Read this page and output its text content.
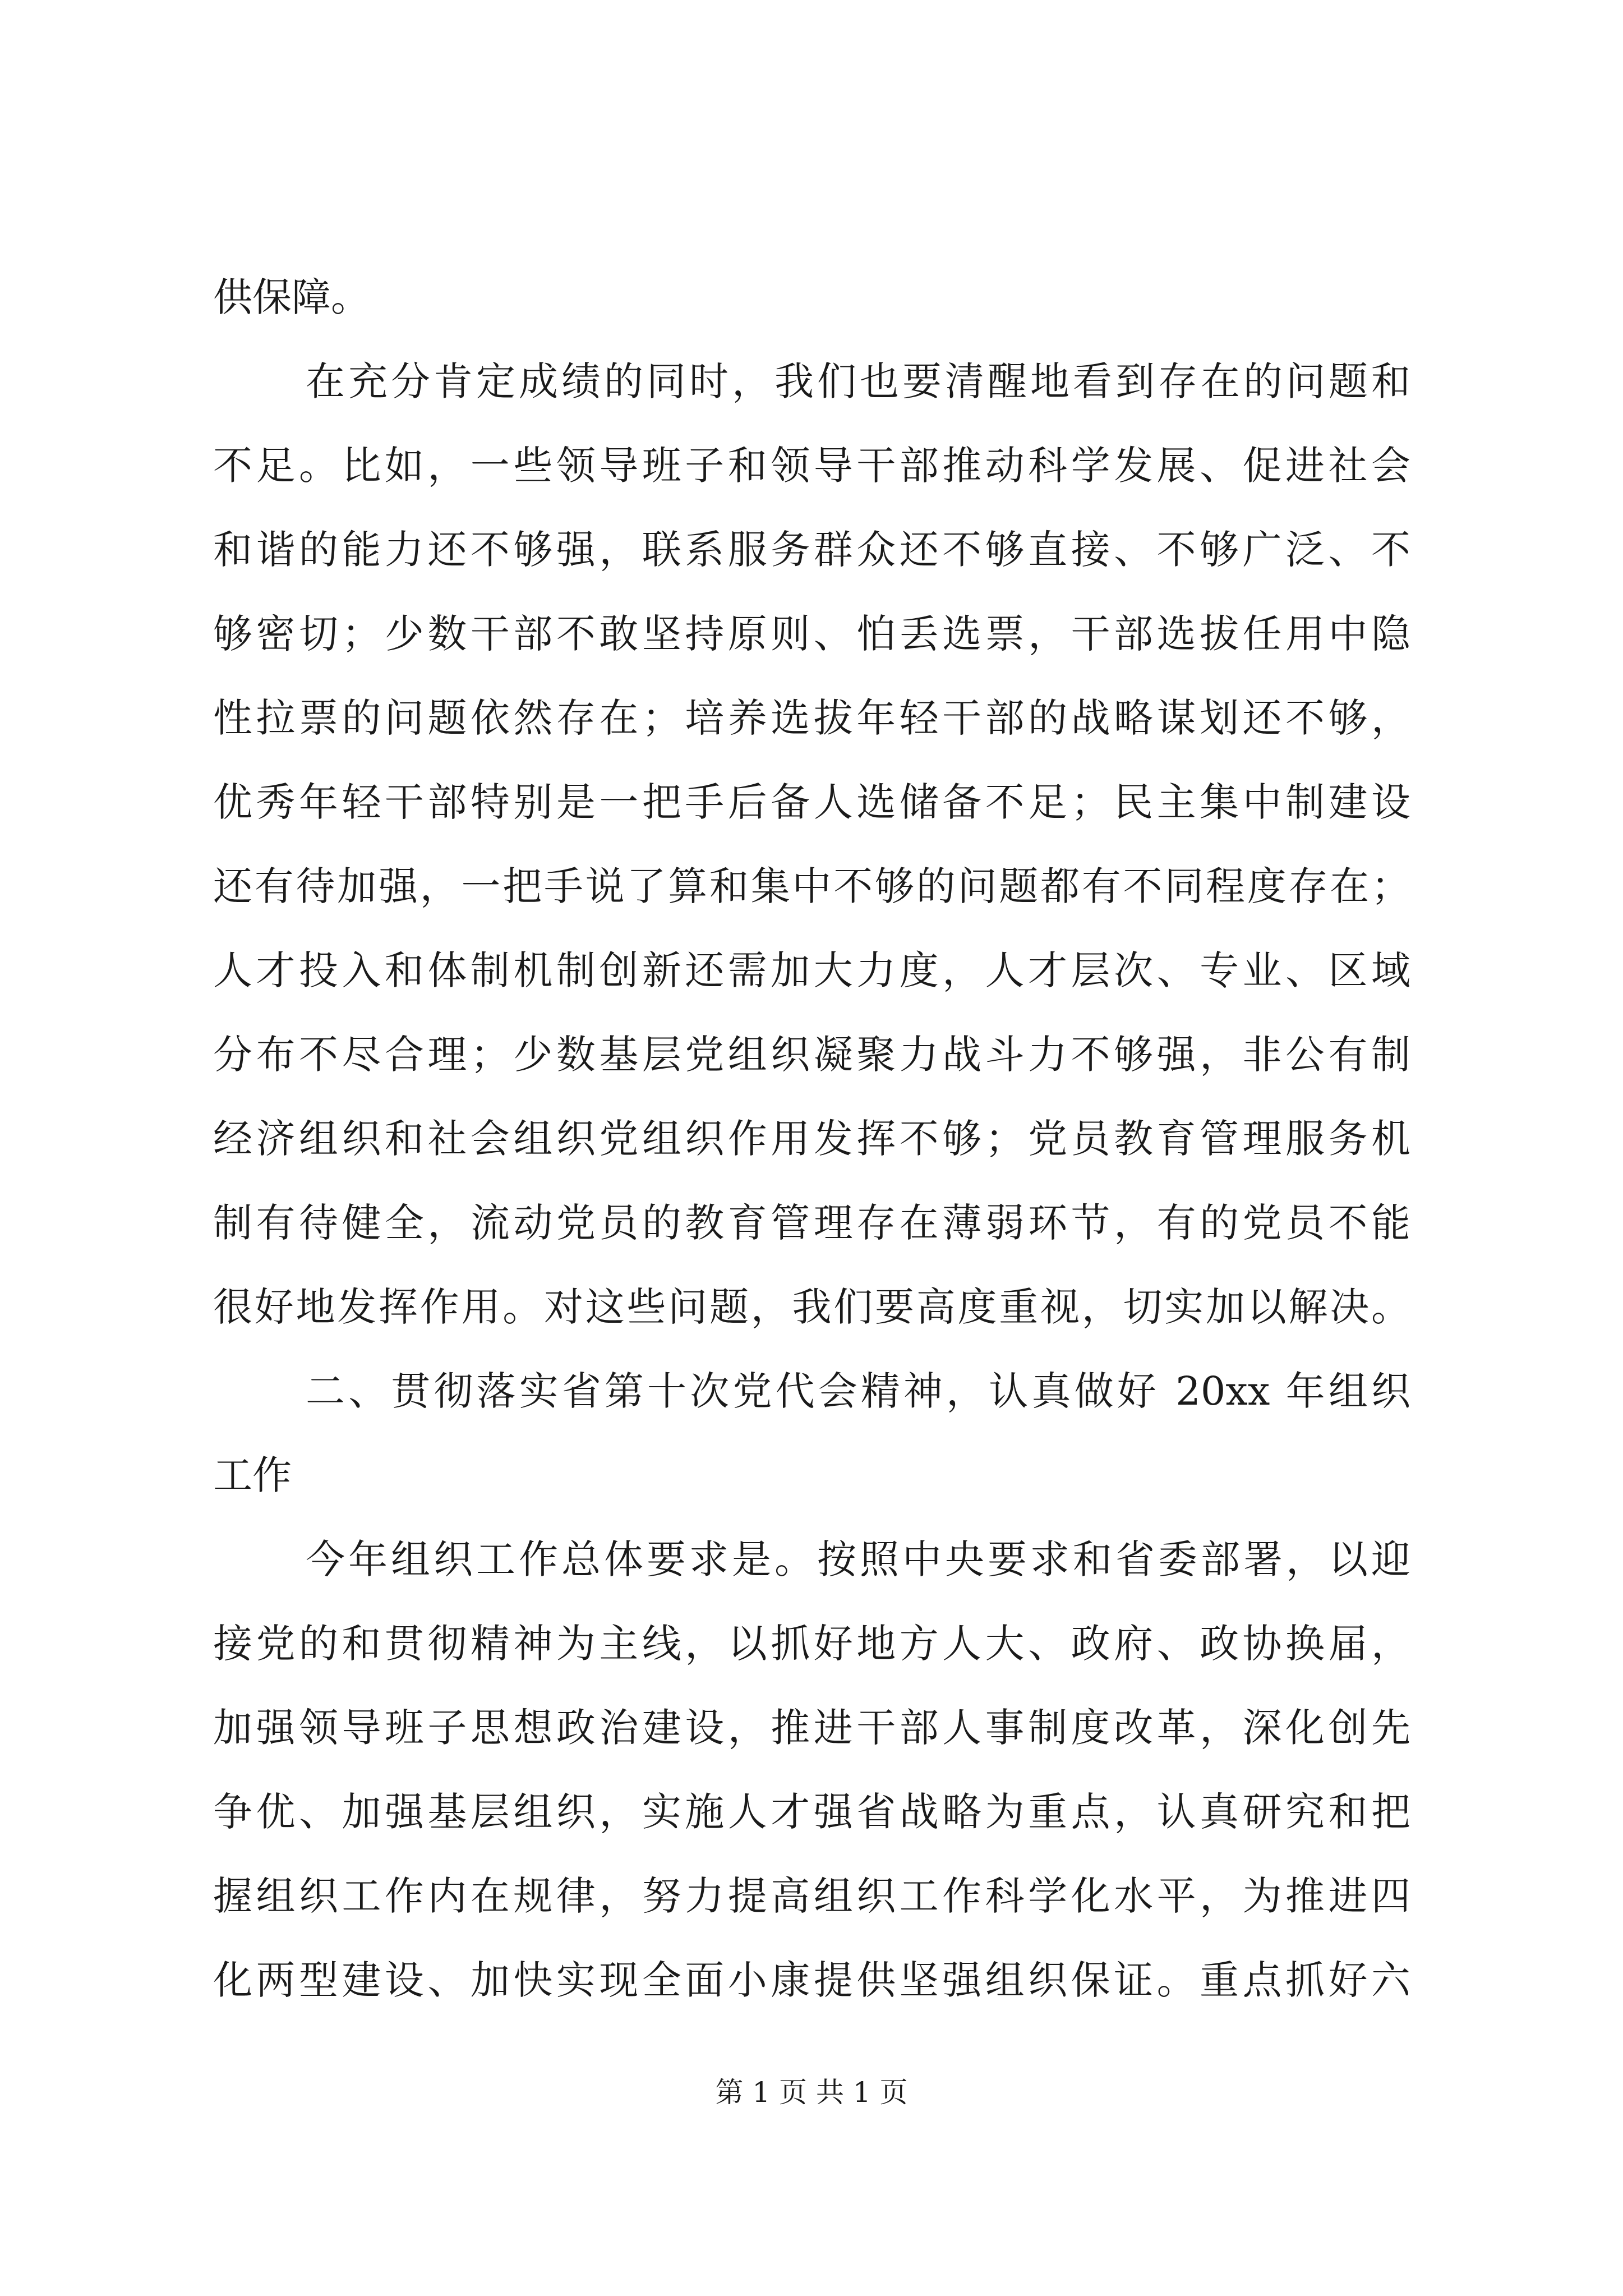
供保障。
在充分肯定成绩的同时，我们也要清醒地看到存在的问题和
不足。比如，一些领导班子和领导干部推动科学发展、促进社会
和谐的能力还不够强，联系服务群众还不够直接、不够广泛、不
够密切；少数干部不敢坚持原则、怕丢选票，干部选拔任用中隐
性拉票的问题依然存在；培养选拔年轻干部的战略谋划还不够，
优秀年轻干部特别是一把手后备人选储备不足；民主集中制建设
还有待加强，一把手说了算和集中不够的问题都有不同程度存在；
人才投入和体制机制创新还需加大力度，人才层次、专业、区域
分布不尽合理；少数基层党组织凝聚力战斗力不够强，非公有制
经济组织和社会组织党组织作用发挥不够；党员教育管理服务机
制有待健全，流动党员的教育管理存在薄弱环节，有的党员不能
很好地发挥作用。对这些问题，我们要高度重视，切实加以解决。
二、贯彻落实省第十次党代会精神，认真做好 20xx 年组织
工作
今年组织工作总体要求是。按照中央要求和省委部署，以迎
接党的和贯彻精神为主线，以抓好地方人大、政府、政协换届，
加强领导班子思想政治建设，推进干部人事制度改革，深化创先
争优、加强基层组织，实施人才强省战略为重点，认真研究和把
握组织工作内在规律，努力提高组织工作科学化水平，为推进四
化两型建设、加快实现全面小康提供坚强组织保证。重点抓好六
第 1 页 共 1 页
